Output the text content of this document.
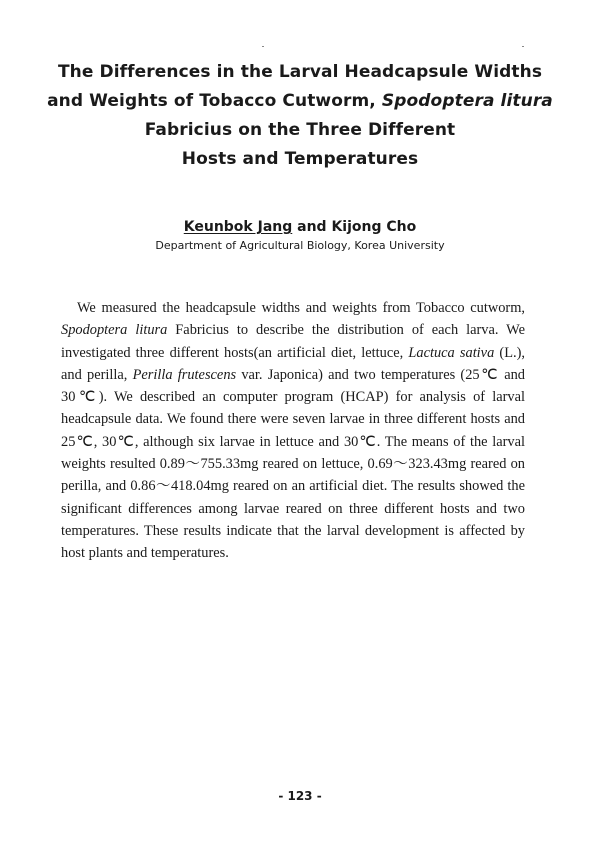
The Differences in the Larval Headcapsule Widths
and Weights of Tobacco Cutworm, Spodoptera litura
Fabricius on the Three Different
Hosts and Temperatures

Keunbok Jang and Kijong Cho

Department of Agricultural Biology, Korea University

We measured the headcapsule widths and weights from Tobacco cutworm, Spodoptera litura Fabricius to describe the distribution of each larva. We investigated three different hosts(an artificial diet, lettuce, Lactuca sativa (L.), and perilla, Perilla frutescens var. Japonica) and two temperatures (25℃ and 30℃). We described an computer program (HCAP) for analysis of larval headcapsule data. We found there were seven larvae in three different hosts and 25℃, 30℃, although six larvae in lettuce and 30℃. The means of the larval weights resulted 0.89～755.33mg reared on lettuce, 0.69～323.43mg reared on perilla, and 0.86～418.04mg reared on an artificial diet. The results showed the significant differences among larvae reared on three different hosts and two temperatures. These results indicate that the larval development is affected by host plants and temperatures.

- 123 -
